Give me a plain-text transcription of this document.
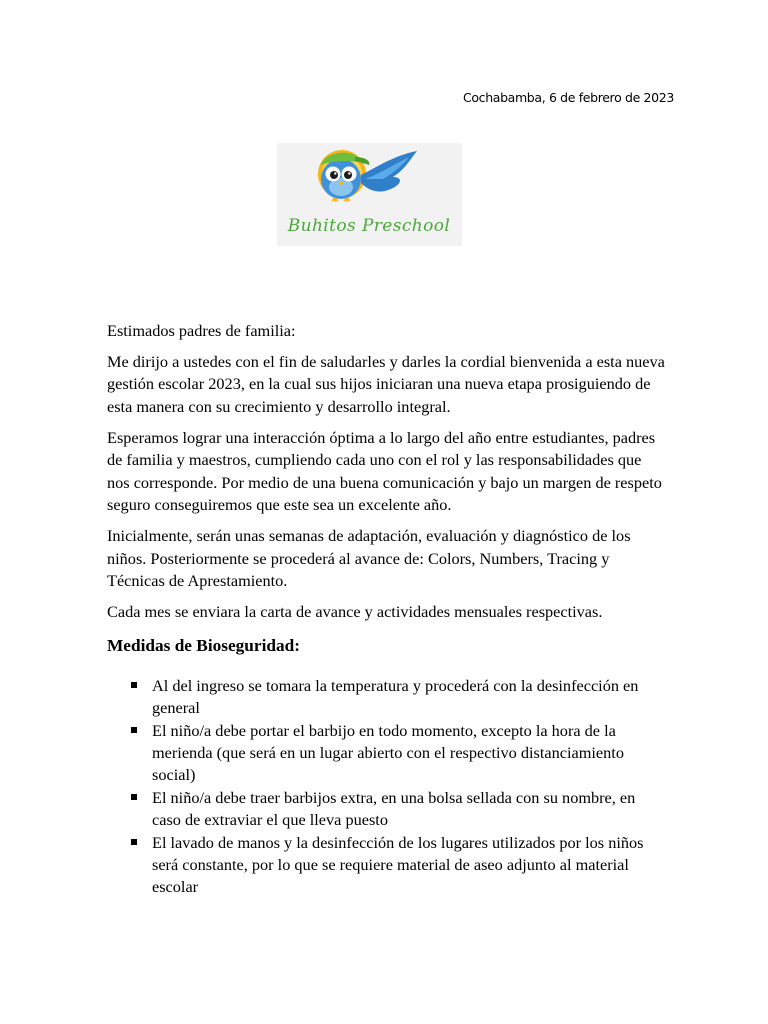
Cochabamba, 6 de febrero de 2023
Buhitos Preschool

Estimados padres de familia:

Me dirijo a ustedes con el fin de saludarles y darles la cordial bienvenida a esta nueva gestión escolar 2023, en la cual sus hijos iniciaran una nueva etapa prosiguiendo de esta manera con su crecimiento y desarrollo integral.

Esperamos lograr una interacción óptima a lo largo del año entre estudiantes, padres de familia y maestros, cumpliendo cada uno con el rol y las responsabilidades que nos corresponde. Por medio de una buena comunicación y bajo un margen de respeto seguro conseguiremos que este sea un excelente año.

Inicialmente, serán unas semanas de adaptación, evaluación y diagnóstico de los niños. Posteriormente se procederá al avance de: Colors, Numbers, Tracing y Técnicas de Aprestamiento.

Cada mes se enviara la carta de avance y actividades mensuales respectivas.

Medidas de Bioseguridad:
Al del ingreso se tomara la temperatura y procederá con la desinfección en general
El niño/a debe portar el barbijo en todo momento, excepto la hora de la merienda (que será en un lugar abierto con el respectivo distanciamiento social)
El niño/a debe traer barbijos extra, en una bolsa sellada con su nombre, en caso de extraviar el que lleva puesto
El lavado de manos y la desinfección de los lugares utilizados por los niños será constante, por lo que se requiere material de aseo adjunto al material escolar
